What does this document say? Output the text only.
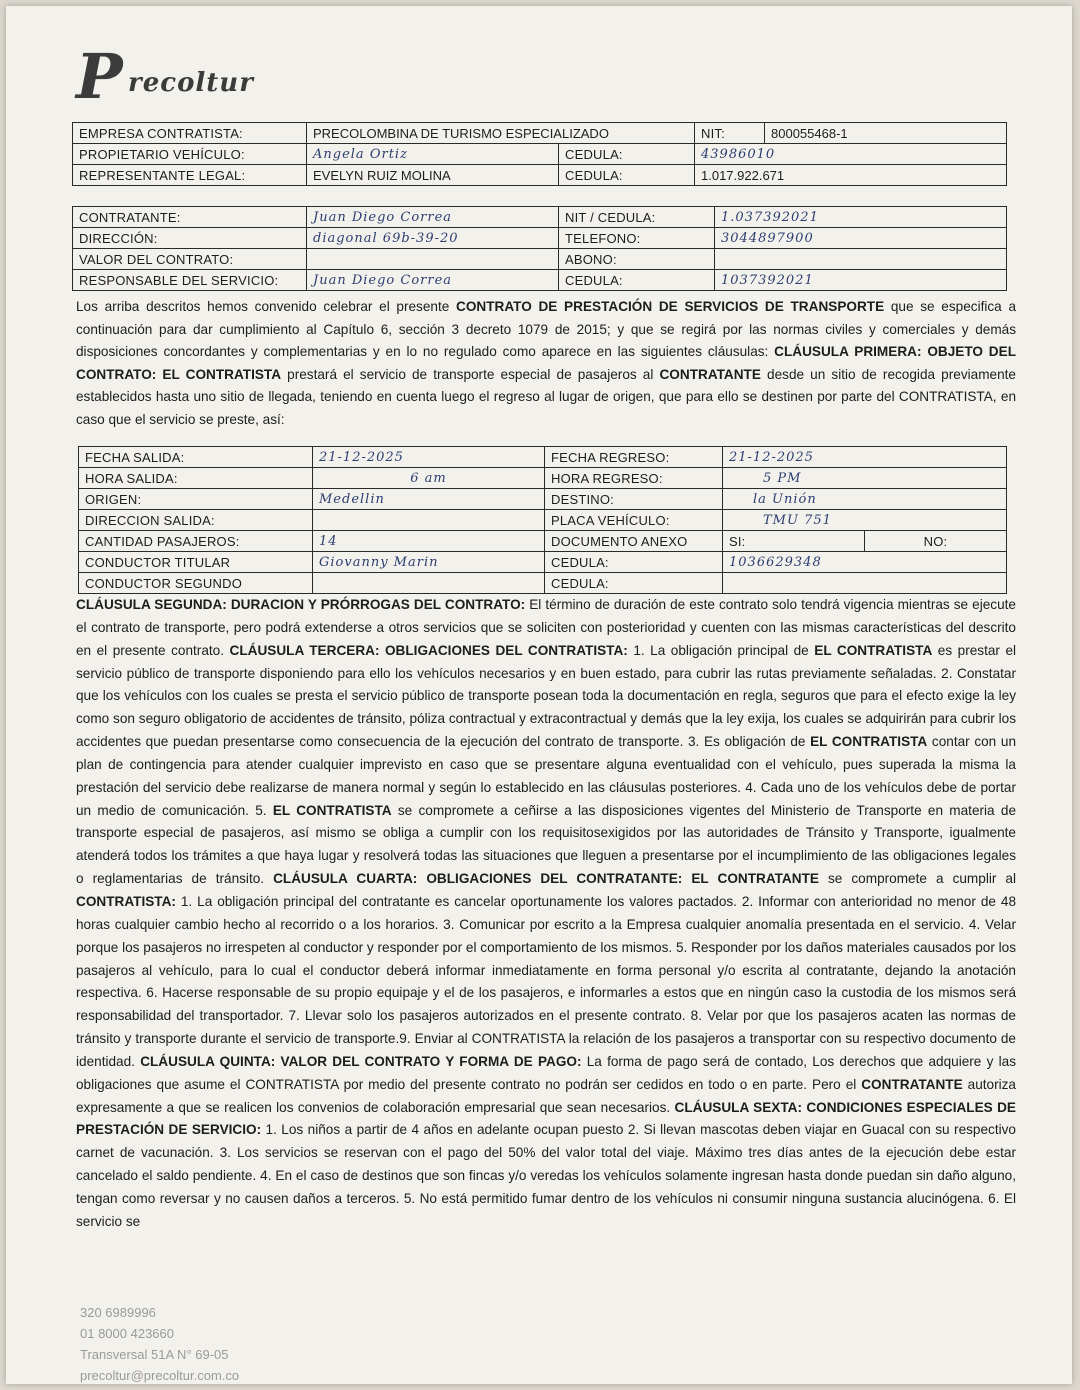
P recoltur
EMPRESA CONTRATISTA:	PRECOLOMBINA DE TURISMO ESPECIALIZADO		NIT:	800055468-1
PROPIETARIO VEHÍCULO:	Angela Ortiz	CEDULA:	43986010	
REPRESENTANTE LEGAL:	EVELYN RUIZ MOLINA	CEDULA:	1.017.922.671	
CONTRATANTE:	Juan Diego Correa	NIT / CEDULA:	1.037392021
DIRECCIÓN:	diagonal 69b-39-20	TELEFONO:	3044897900
VALOR DEL CONTRATO:		ABONO:	
RESPONSABLE DEL SERVICIO:	Juan Diego Correa	CEDULA:	1037392021
Los arriba descritos hemos convenido celebrar el presente CONTRATO DE PRESTACIÓN DE SERVICIOS DE TRANSPORTE que se especifica a continuación para dar cumplimiento al Capítulo 6, sección 3 decreto 1079 de 2015; y que se regirá por las normas civiles y comerciales y demás disposiciones concordantes y complementarias y en lo no regulado como aparece en las siguientes cláusulas: CLÁUSULA PRIMERA: OBJETO DEL CONTRATO: EL CONTRATISTA prestará el servicio de transporte especial de pasajeros al CONTRATANTE desde un sitio de recogida previamente establecidos hasta uno sitio de llegada, teniendo en cuenta luego el regreso al lugar de origen, que para ello se destinen por parte del CONTRATISTA, en caso que el servicio se preste, así:
FECHA SALIDA:	21-12-2025	FECHA REGRESO:	21-12-2025	
HORA SALIDA:	6 am	HORA REGRESO:	5 PM	
ORIGEN:	Medellin	DESTINO:	la Unión	
DIRECCION SALIDA:		PLACA VEHÍCULO:	TMU 751	
CANTIDAD PASAJEROS:	14	DOCUMENTO ANEXO	SI:	NO:
CONDUCTOR TITULAR	Giovanny Marin	CEDULA:	1036629348	
CONDUCTOR SEGUNDO		CEDULA:		
CLÁUSULA SEGUNDA: DURACION Y PRÓRROGAS DEL CONTRATO: El término de duración de este contrato solo tendrá vigencia mientras se ejecute el contrato de transporte, pero podrá extenderse a otros servicios que se soliciten con posterioridad y cuenten con las mismas características del descrito en el presente contrato. CLÁUSULA TERCERA: OBLIGACIONES DEL CONTRATISTA: 1. La obligación principal de EL CONTRATISTA es prestar el servicio público de transporte disponiendo para ello los vehículos necesarios y en buen estado, para cubrir las rutas previamente señaladas. 2. Constatar que los vehículos con los cuales se presta el servicio público de transporte posean toda la documentación en regla, seguros que para el efecto exige la ley como son seguro obligatorio de accidentes de tránsito, póliza contractual y extracontractual y demás que la ley exija, los cuales se adquirirán para cubrir los accidentes que puedan presentarse como consecuencia de la ejecución del contrato de transporte. 3. Es obligación de EL CONTRATISTA contar con un plan de contingencia para atender cualquier imprevisto en caso que se presentare alguna eventualidad con el vehículo, pues superada la misma la prestación del servicio debe realizarse de manera normal y según lo establecido en las cláusulas posteriores. 4. Cada uno de los vehículos debe de portar un medio de comunicación. 5. EL CONTRATISTA se compromete a ceñirse a las disposiciones vigentes del Ministerio de Transporte en materia de transporte especial de pasajeros, así mismo se obliga a cumplir con los requisitosexigidos por las autoridades de Tránsito y Transporte, igualmente atenderá todos los trámites a que haya lugar y resolverá todas las situaciones que lleguen a presentarse por el incumplimiento de las obligaciones legales o reglamentarias de tránsito. CLÁUSULA CUARTA: OBLIGACIONES DEL CONTRATANTE: EL CONTRATANTE se compromete a cumplir al CONTRATISTA: 1. La obligación principal del contratante es cancelar oportunamente los valores pactados. 2. Informar con anterioridad no menor de 48 horas cualquier cambio hecho al recorrido o a los horarios. 3. Comunicar por escrito a la Empresa cualquier anomalía presentada en el servicio. 4. Velar porque los pasajeros no irrespeten al conductor y responder por el comportamiento de los mismos. 5. Responder por los daños materiales causados por los pasajeros al vehículo, para lo cual el conductor deberá informar inmediatamente en forma personal y/o escrita al contratante, dejando la anotación respectiva. 6. Hacerse responsable de su propio equipaje y el de los pasajeros, e informarles a estos que en ningún caso la custodia de los mismos será responsabilidad del transportador. 7. Llevar solo los pasajeros autorizados en el presente contrato. 8. Velar por que los pasajeros acaten las normas de tránsito y transporte durante el servicio de transporte.9. Enviar al CONTRATISTA la relación de los pasajeros a transportar con su respectivo documento de identidad. CLÁUSULA QUINTA: VALOR DEL CONTRATO Y FORMA DE PAGO: La forma de pago será de contado, Los derechos que adquiere y las obligaciones que asume el CONTRATISTA por medio del presente contrato no podrán ser cedidos en todo o en parte. Pero el CONTRATANTE autoriza expresamente a que se realicen los convenios de colaboración empresarial que sean necesarios. CLÁUSULA SEXTA: CONDICIONES ESPECIALES DE PRESTACIÓN DE SERVICIO: 1. Los niños a partir de 4 años en adelante ocupan puesto 2. Si llevan mascotas deben viajar en Guacal con su respectivo carnet de vacunación. 3. Los servicios se reservan con el pago del 50% del valor total del viaje. Máximo tres días antes de la ejecución debe estar cancelado el saldo pendiente. 4. En el caso de destinos que son fincas y/o veredas los vehículos solamente ingresan hasta donde puedan sin daño alguno, tengan como reversar y no causen daños a terceros. 5. No está permitido fumar dentro de los vehículos ni consumir ninguna sustancia alucinógena. 6. El servicio se
320 6989996
01 8000 423660
Transversal 51A N° 69-05
precoltur@precoltur.com.co
